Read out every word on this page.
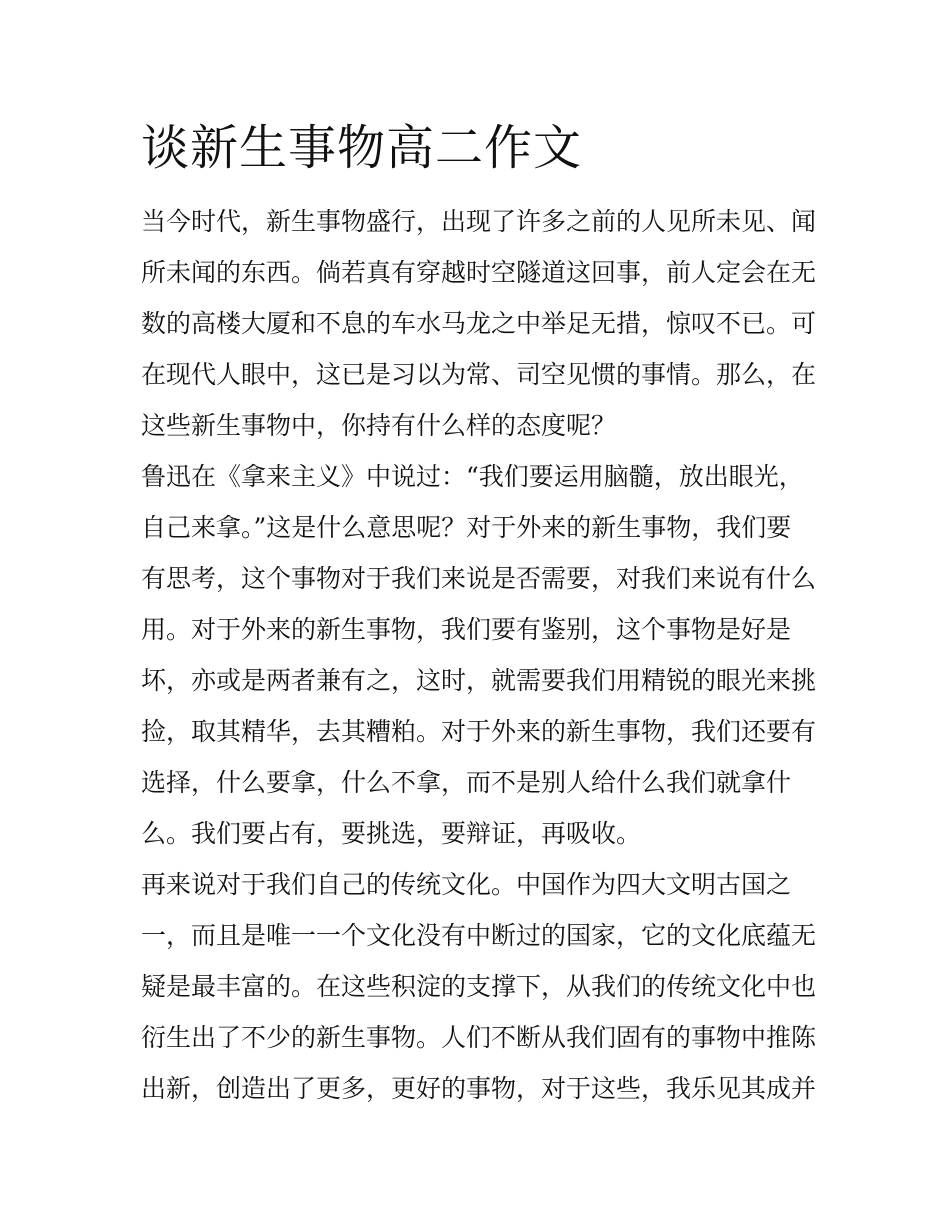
谈新生事物高二作文
当今时代，新生事物盛行，出现了许多之前的人见所未见、闻
所未闻的东西。倘若真有穿越时空隧道这回事，前人定会在无
数的高楼大厦和不息的车水马龙之中举足无措，惊叹不已。可
在现代人眼中，这已是习以为常、司空见惯的事情。那么，在
这些新生事物中，你持有什么样的态度呢？
鲁迅在《拿来主义》中说过：“我们要运用脑髓，放出眼光，
自己来拿。”这是什么意思呢？对于外来的新生事物，我们要
有思考，这个事物对于我们来说是否需要，对我们来说有什么
用。对于外来的新生事物，我们要有鉴别，这个事物是好是
坏，亦或是两者兼有之，这时，就需要我们用精锐的眼光来挑
捡，取其精华，去其糟粕。对于外来的新生事物，我们还要有
选择，什么要拿，什么不拿，而不是别人给什么我们就拿什
么。我们要占有，要挑选，要辩证，再吸收。
再来说对于我们自己的传统文化。中国作为四大文明古国之
一，而且是唯一一个文化没有中断过的国家，它的文化底蕴无
疑是最丰富的。在这些积淀的支撑下，从我们的传统文化中也
衍生出了不少的新生事物。人们不断从我们固有的事物中推陈
出新，创造出了更多，更好的事物，对于这些，我乐见其成并
